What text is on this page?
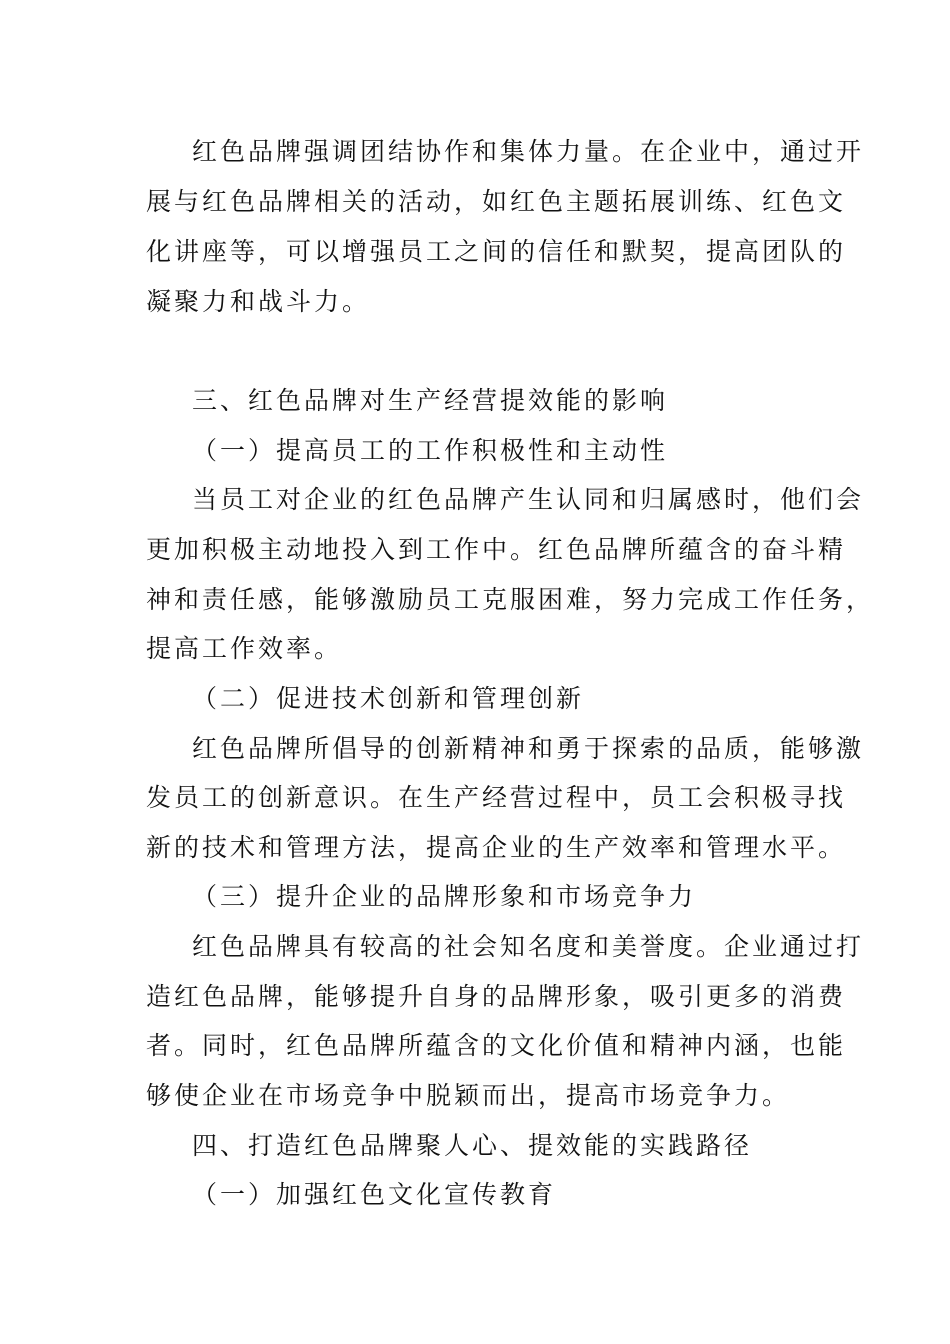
红色品牌强调团结协作和集体力量。在企业中，通过开
展与红色品牌相关的活动，如红色主题拓展训练、红色文
化讲座等，可以增强员工之间的信任和默契，提高团队的
凝聚力和战斗力。
三、红色品牌对生产经营提效能的影响
（一）提高员工的工作积极性和主动性
当员工对企业的红色品牌产生认同和归属感时，他们会
更加积极主动地投入到工作中。红色品牌所蕴含的奋斗精
神和责任感，能够激励员工克服困难，努力完成工作任务，
提高工作效率。
（二）促进技术创新和管理创新
红色品牌所倡导的创新精神和勇于探索的品质，能够激
发员工的创新意识。在生产经营过程中，员工会积极寻找
新的技术和管理方法，提高企业的生产效率和管理水平。
（三）提升企业的品牌形象和市场竞争力
红色品牌具有较高的社会知名度和美誉度。企业通过打
造红色品牌，能够提升自身的品牌形象，吸引更多的消费
者。同时，红色品牌所蕴含的文化价值和精神内涵，也能
够使企业在市场竞争中脱颖而出，提高市场竞争力。
四、打造红色品牌聚人心、提效能的实践路径
（一）加强红色文化宣传教育
